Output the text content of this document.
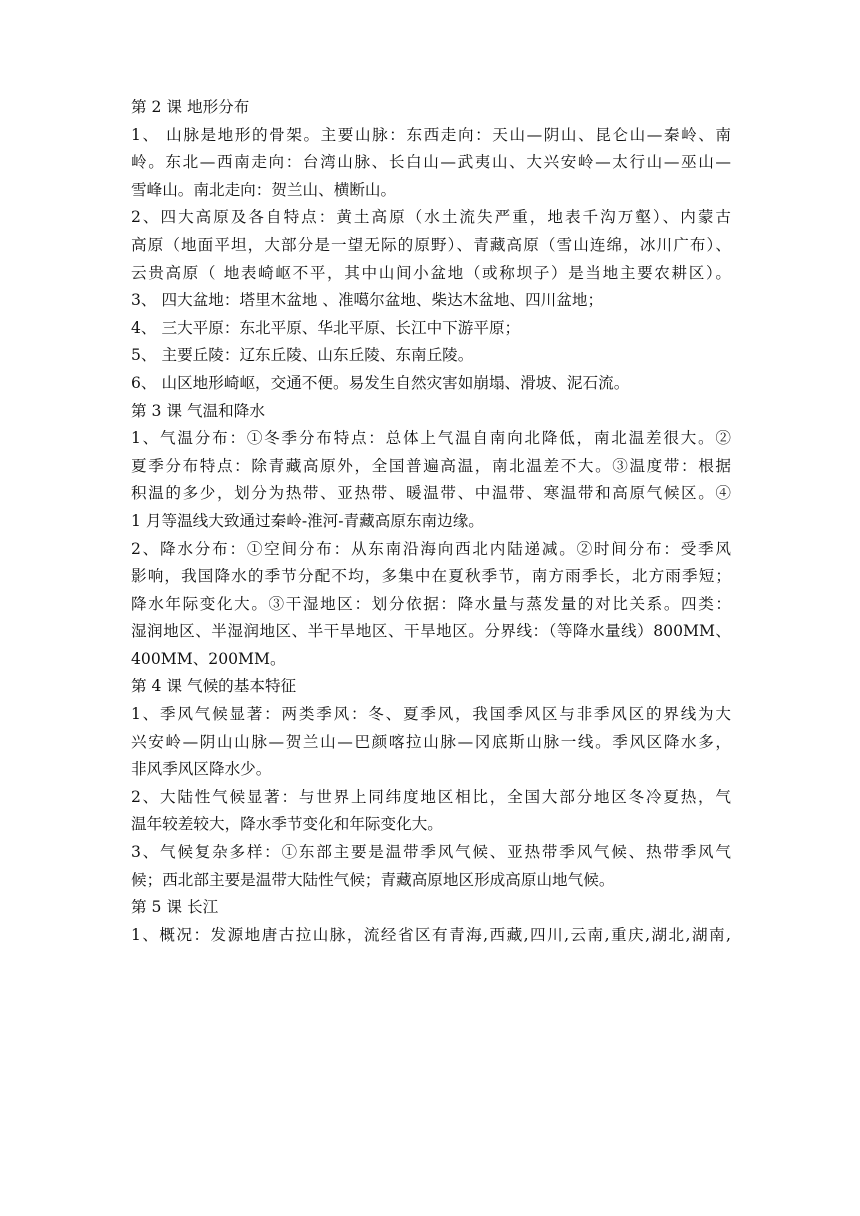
第 2 课 地形分布
1、 山脉是地形的骨架。主要山脉：东西走向：天山—阴山、昆仑山—秦岭、南
岭。东北—西南走向：台湾山脉、长白山—武夷山、大兴安岭—太行山—巫山—
雪峰山。南北走向：贺兰山、横断山。
2、四大高原及各自特点：黄土高原（水土流失严重，地表千沟万壑）、内蒙古
高原（地面平坦，大部分是一望无际的原野）、青藏高原（雪山连绵，冰川广布）、
云贵高原（ 地表崎岖不平，其中山间小盆地（或称坝子）是当地主要农耕区）。
3、 四大盆地：塔里木盆地 、准噶尔盆地、柴达木盆地、四川盆地；
4、 三大平原：东北平原、华北平原、长江中下游平原；
5、 主要丘陵：辽东丘陵、山东丘陵、东南丘陵。
6、 山区地形崎岖，交通不便。易发生自然灾害如崩塌、滑坡、泥石流。
第 3 课 气温和降水
1、气温分布：①冬季分布特点：总体上气温自南向北降低，南北温差很大。②
夏季分布特点：除青藏高原外，全国普遍高温，南北温差不大。③温度带：根据
积温的多少，划分为热带、亚热带、暖温带、中温带、寒温带和高原气候区。④
1 月等温线大致通过秦岭-淮河-青藏高原东南边缘。
2、降水分布：①空间分布：从东南沿海向西北内陆递减。②时间分布：受季风
影响，我国降水的季节分配不均，多集中在夏秋季节，南方雨季长，北方雨季短；
降水年际变化大。③干湿地区：划分依据：降水量与蒸发量的对比关系。四类：
湿润地区、半湿润地区、半干旱地区、干旱地区。分界线：（等降水量线）800MM、
400MM、200MM。
第 4 课 气候的基本特征
1、季风气候显著：两类季风：冬、夏季风，我国季风区与非季风区的界线为大
兴安岭—阴山山脉—贺兰山—巴颜喀拉山脉—冈底斯山脉一线。季风区降水多，
非风季风区降水少。
2、大陆性气候显著：与世界上同纬度地区相比，全国大部分地区冬冷夏热，气
温年较差较大，降水季节变化和年际变化大。
3、气候复杂多样：①东部主要是温带季风气候、亚热带季风气候、热带季风气
候；西北部主要是温带大陆性气候；青藏高原地区形成高原山地气候。
第 5 课 长江
1、概况：发源地唐古拉山脉，流经省区有青海,西藏,四川,云南,重庆,湖北,湖南,
